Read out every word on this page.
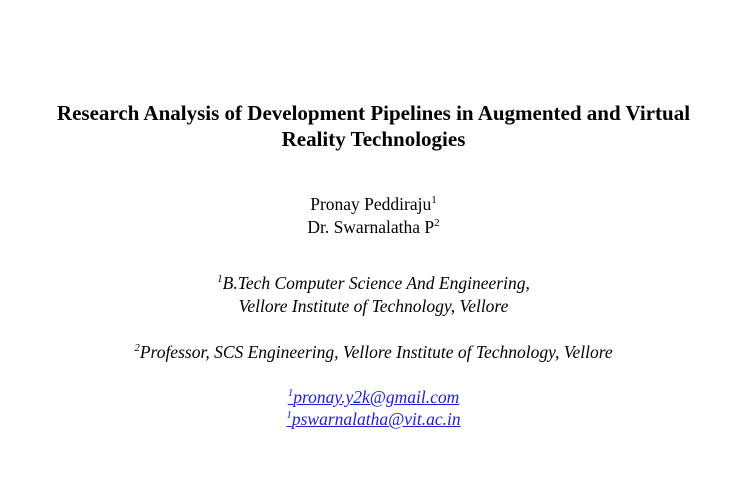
Research Analysis of Development Pipelines in Augmented and Virtual

Reality Technologies

Pronay Peddiraju$^1$

Dr. Swarnalatha $P^2$

$^1$B.Tech Computer Science And Engineering,

Vellore Institute of Technology, Vellore

$^2$Professor, SCS Engineering, Vellore Institute of Technology, Vellore

$^1$pronay.y2k@gmail.com

$^1$pswarnalatha@vit.ac.in
